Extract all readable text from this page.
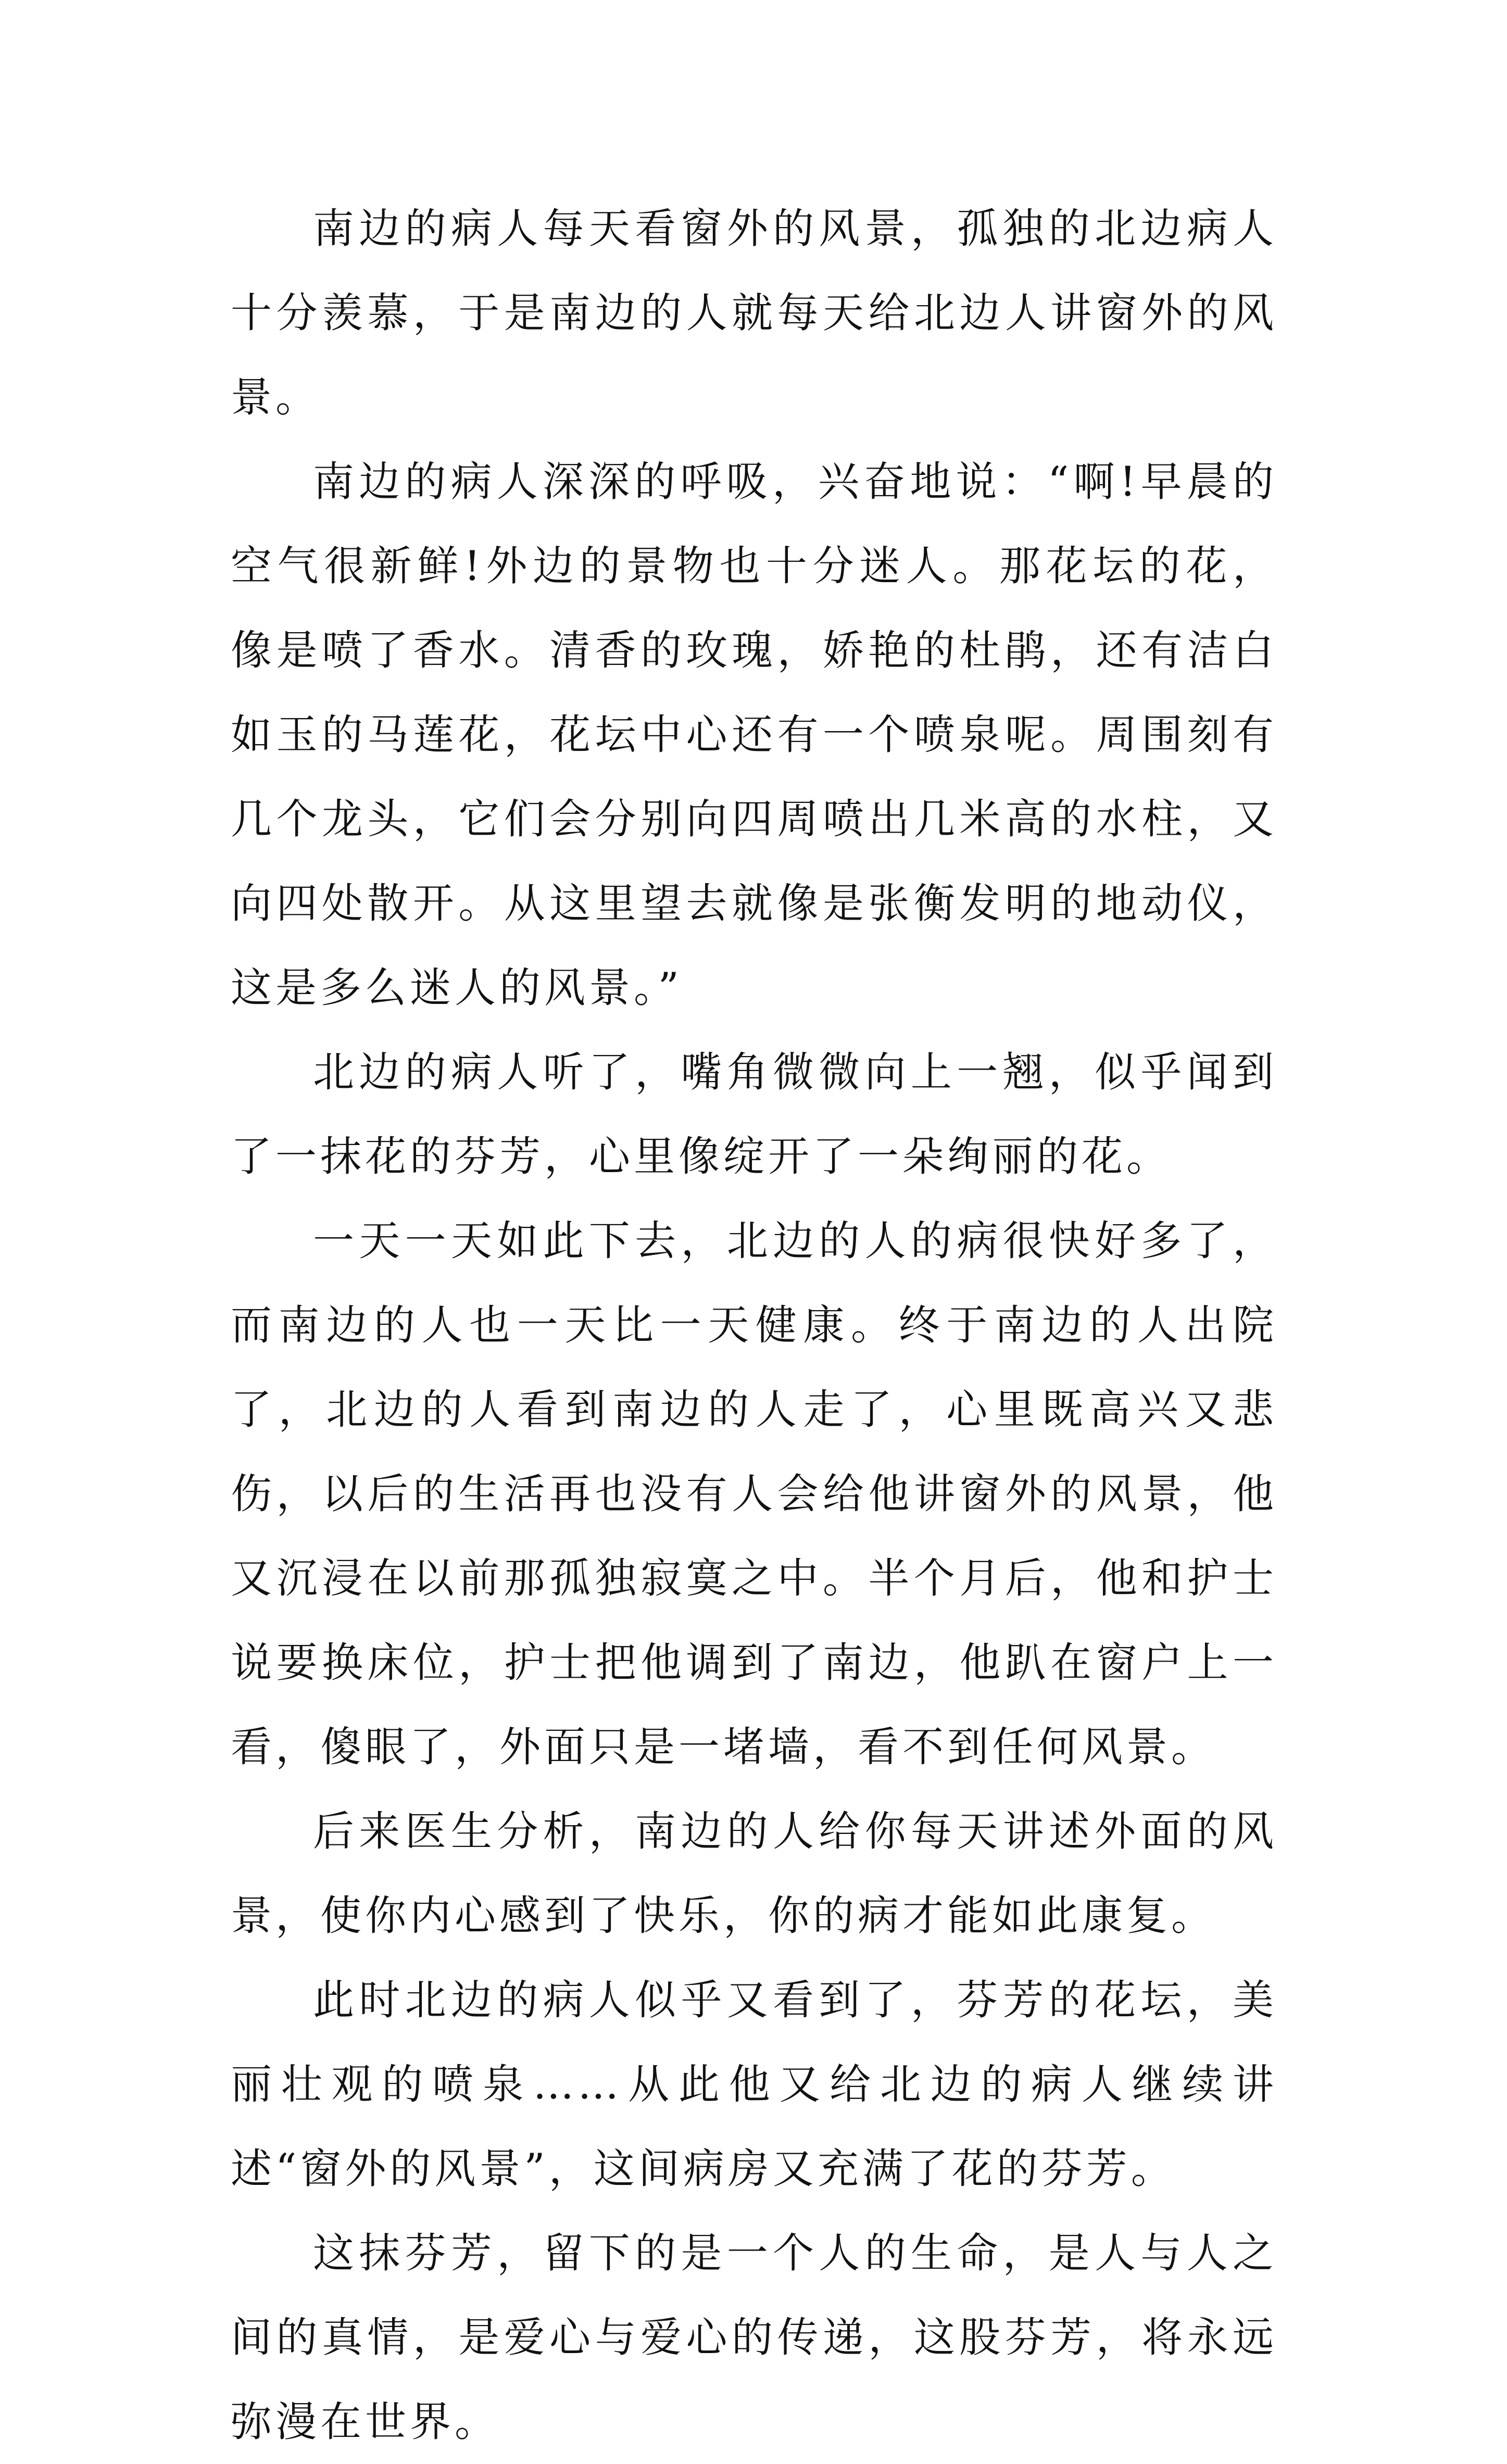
南边的病人每天看窗外的风景，孤独的北边病人十分羡慕，于是南边的人就每天给北边人讲窗外的风景。

南边的病人深深的呼吸，兴奋地说：“啊!早晨的空气很新鲜!外边的景物也十分迷人。那花坛的花，像是喷了香水。清香的玫瑰，娇艳的杜鹃，还有洁白如玉的马莲花，花坛中心还有一个喷泉呢。周围刻有几个龙头，它们会分别向四周喷出几米高的水柱，又向四处散开。从这里望去就像是张衡发明的地动仪，这是多么迷人的风景。”

北边的病人听了，嘴角微微向上一翘，似乎闻到了一抹花的芬芳，心里像绽开了一朵绚丽的花。

一天一天如此下去，北边的人的病很快好多了，而南边的人也一天比一天健康。终于南边的人出院了，北边的人看到南边的人走了，心里既高兴又悲伤，以后的生活再也没有人会给他讲窗外的风景，他又沉浸在以前那孤独寂寞之中。半个月后，他和护士说要换床位，护士把他调到了南边，他趴在窗户上一看，傻眼了，外面只是一堵墙，看不到任何风景。

后来医生分析，南边的人给你每天讲述外面的风景，使你内心感到了快乐，你的病才能如此康复。

此时北边的病人似乎又看到了，芬芳的花坛，美丽壮观的喷泉……从此他又给北边的病人继续讲述“窗外的风景”，这间病房又充满了花的芬芳。

这抹芬芳，留下的是一个人的生命，是人与人之间的真情，是爱心与爱心的传递，这股芬芳，将永远弥漫在世界。
